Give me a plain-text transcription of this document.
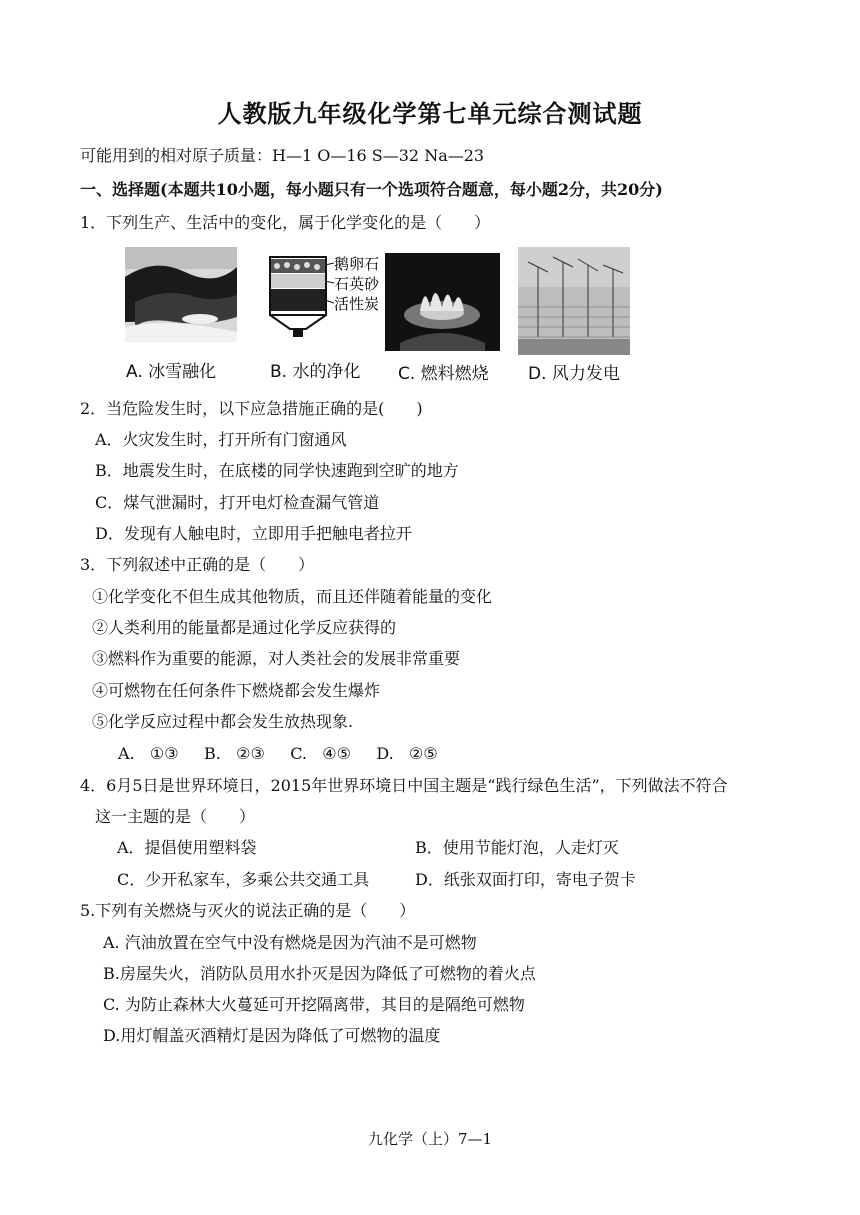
人教版九年级化学第七单元综合测试题
可能用到的相对原子质量：H—1 O—16 S—32 Na—23
一、选择题(本题共10小题，每小题只有一个选项符合题意，每小题2分，共20分)
1．下列生产、生活中的变化，属于化学变化的是（　　）
鹅卵石
石英砂
活性炭
A. 冰雪融化	B. 水的净化 C. 燃料燃烧 D. 风力发电
2．当危险发生时，以下应急措施正确的是(　　)
A．火灾发生时，打开所有门窗通风
B．地震发生时，在底楼的同学快速跑到空旷的地方
C．煤气泄漏时，打开电灯检查漏气管道
D．发现有人触电时，立即用手把触电者拉开
3．下列叙述中正确的是（　　）
①化学变化不但生成其他物质，而且还伴随着能量的变化
②人类利用的能量都是通过化学反应获得的
③燃料作为重要的能源，对人类社会的发展非常重要
④可燃物在任何条件下燃烧都会发生爆炸
⑤化学反应过程中都会发生放热现象.
A.   ①③     B.   ②③     C.   ④⑤     D.   ②⑤
4．6月5日是世界环境日，2015年世界环境日中国主题是“践行绿色生活”，下列做法不符合
这一主题的是（　　）
A．提倡使用塑料袋	B．使用节能灯泡，人走灯灭
C．少开私家车，多乘公共交通工具	D．纸张双面打印，寄电子贺卡
5.下列有关燃烧与灭火的说法正确的是（　　）
A. 汽油放置在空气中没有燃烧是因为汽油不是可燃物
B.房屋失火，消防队员用水扑灭是因为降低了可燃物的着火点
C. 为防止森林大火蔓延可开挖隔离带，其目的是隔绝可燃物
D.用灯帽盖灭酒精灯是因为降低了可燃物的温度
九化学（上）7—1
